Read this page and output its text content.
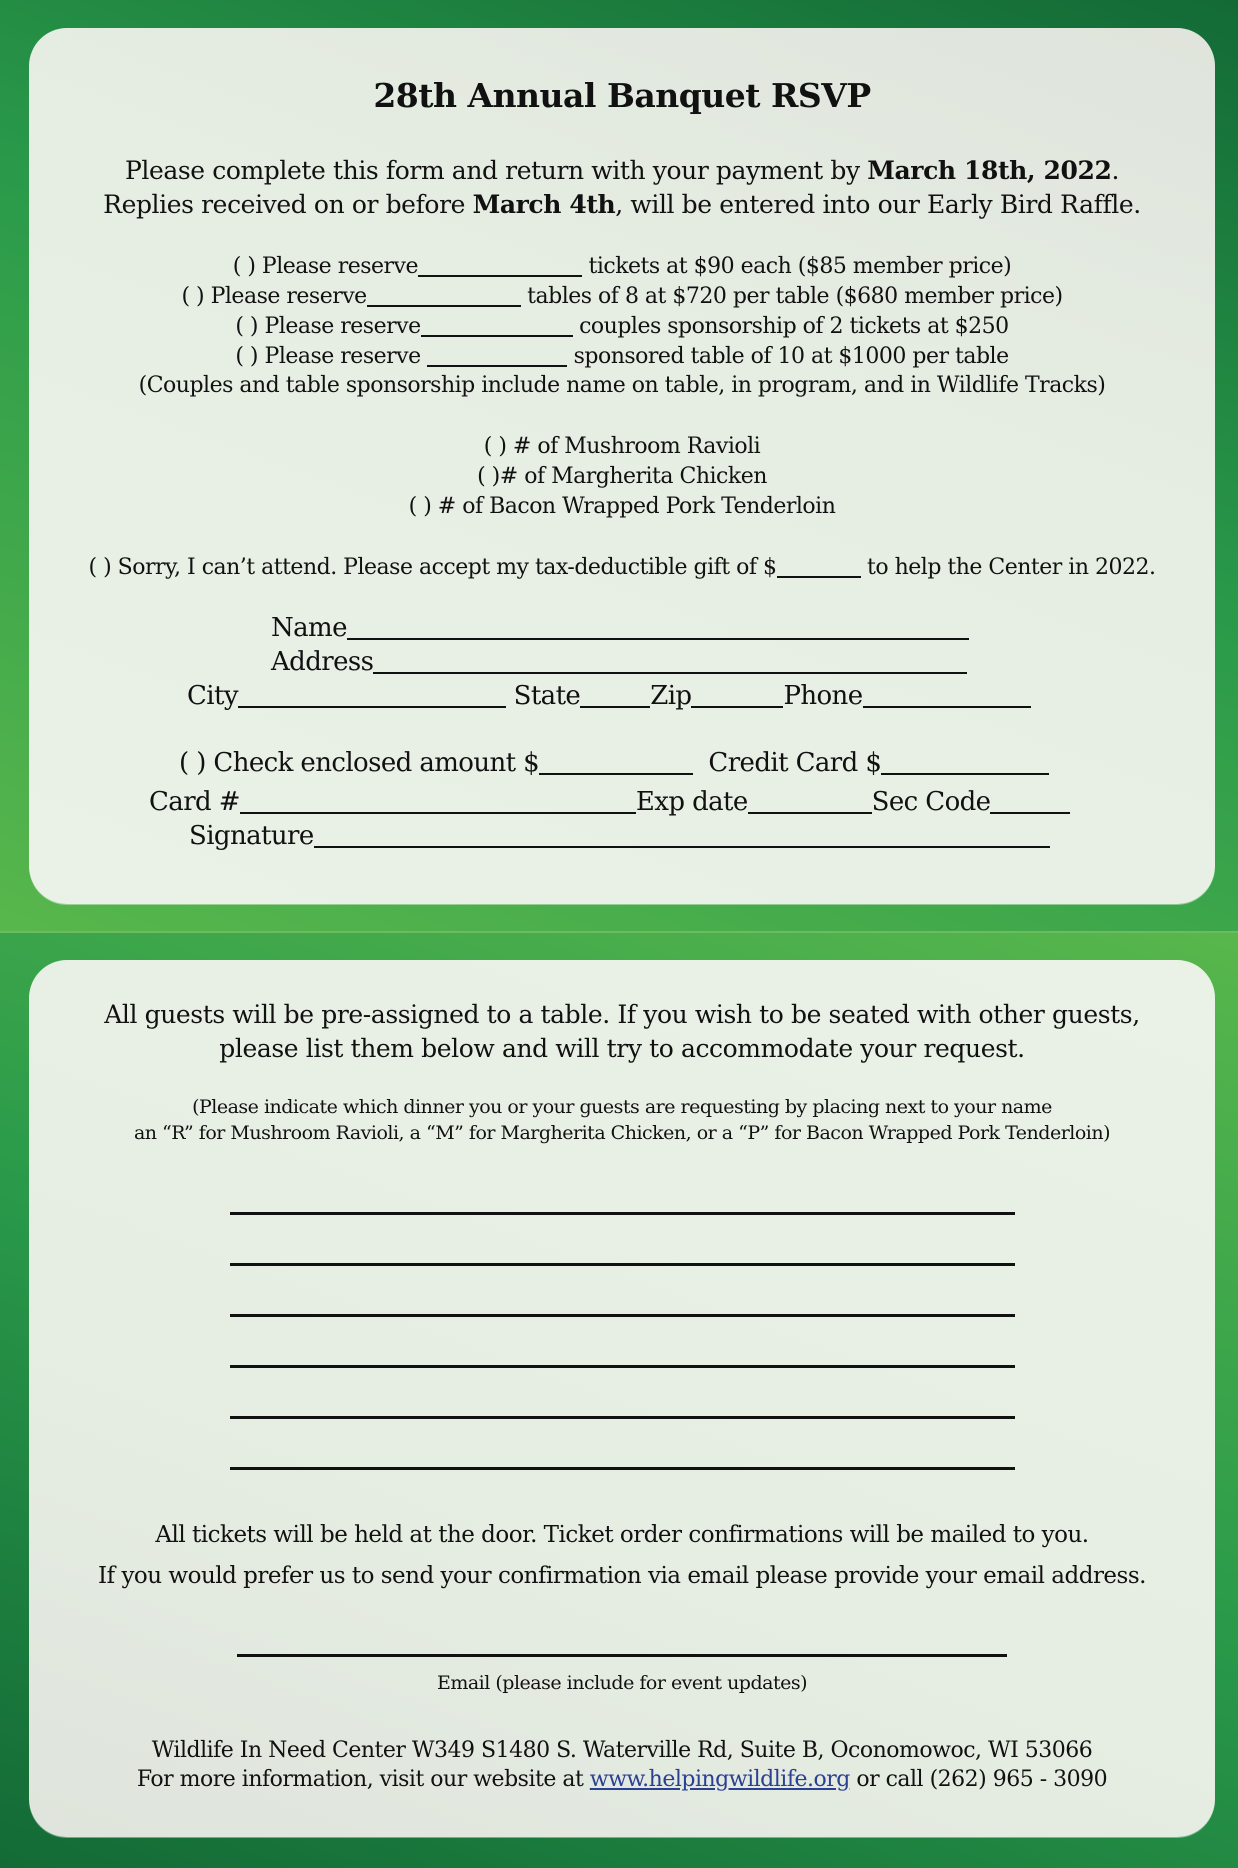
28th Annual Banquet RSVP
Please complete this form and return with your payment by March 18th, 2022.
Replies received on or before March 4th, will be entered into our Early Bird Raffle.
( ) Please reserve	tickets at $90 each ($85 member price)
( ) Please reserve	tables of 8 at $720 per table ($680 member price)
( ) Please reserve	couples sponsorship of 2 tickets at $250
( ) Please reserve	sponsored table of 10 at $1000 per table
(Couples and table sponsorship include name on table, in program, and in Wildlife Tracks)
( ) # of Mushroom Ravioli
( )# of Margherita Chicken
( ) # of Bacon Wrapped Pork Tenderloin
( ) Sorry, I can’t attend. Please accept my tax-deductible gift of $	to help the Center in 2022.
Name
Address
City	State	Zip	Phone
( ) Check enclosed amount $	Credit Card $
Card #	Exp date	Sec Code
Signature
All guests will be pre-assigned to a table. If you wish to be seated with other guests,
please list them below and will try to accommodate your request.
(Please indicate which dinner you or your guests are requesting by placing next to your name
an “R” for Mushroom Ravioli, a “M” for Margherita Chicken, or a “P” for Bacon Wrapped Pork Tenderloin)
All tickets will be held at the door. Ticket order confirmations will be mailed to you.
If you would prefer us to send your confirmation via email please provide your email address.
Email (please include for event updates)
Wildlife In Need Center W349 S1480 S. Waterville Rd, Suite B, Oconomowoc, WI 53066
For more information, visit our website at www.helpingwildlife.org or call (262) 965 - 3090
